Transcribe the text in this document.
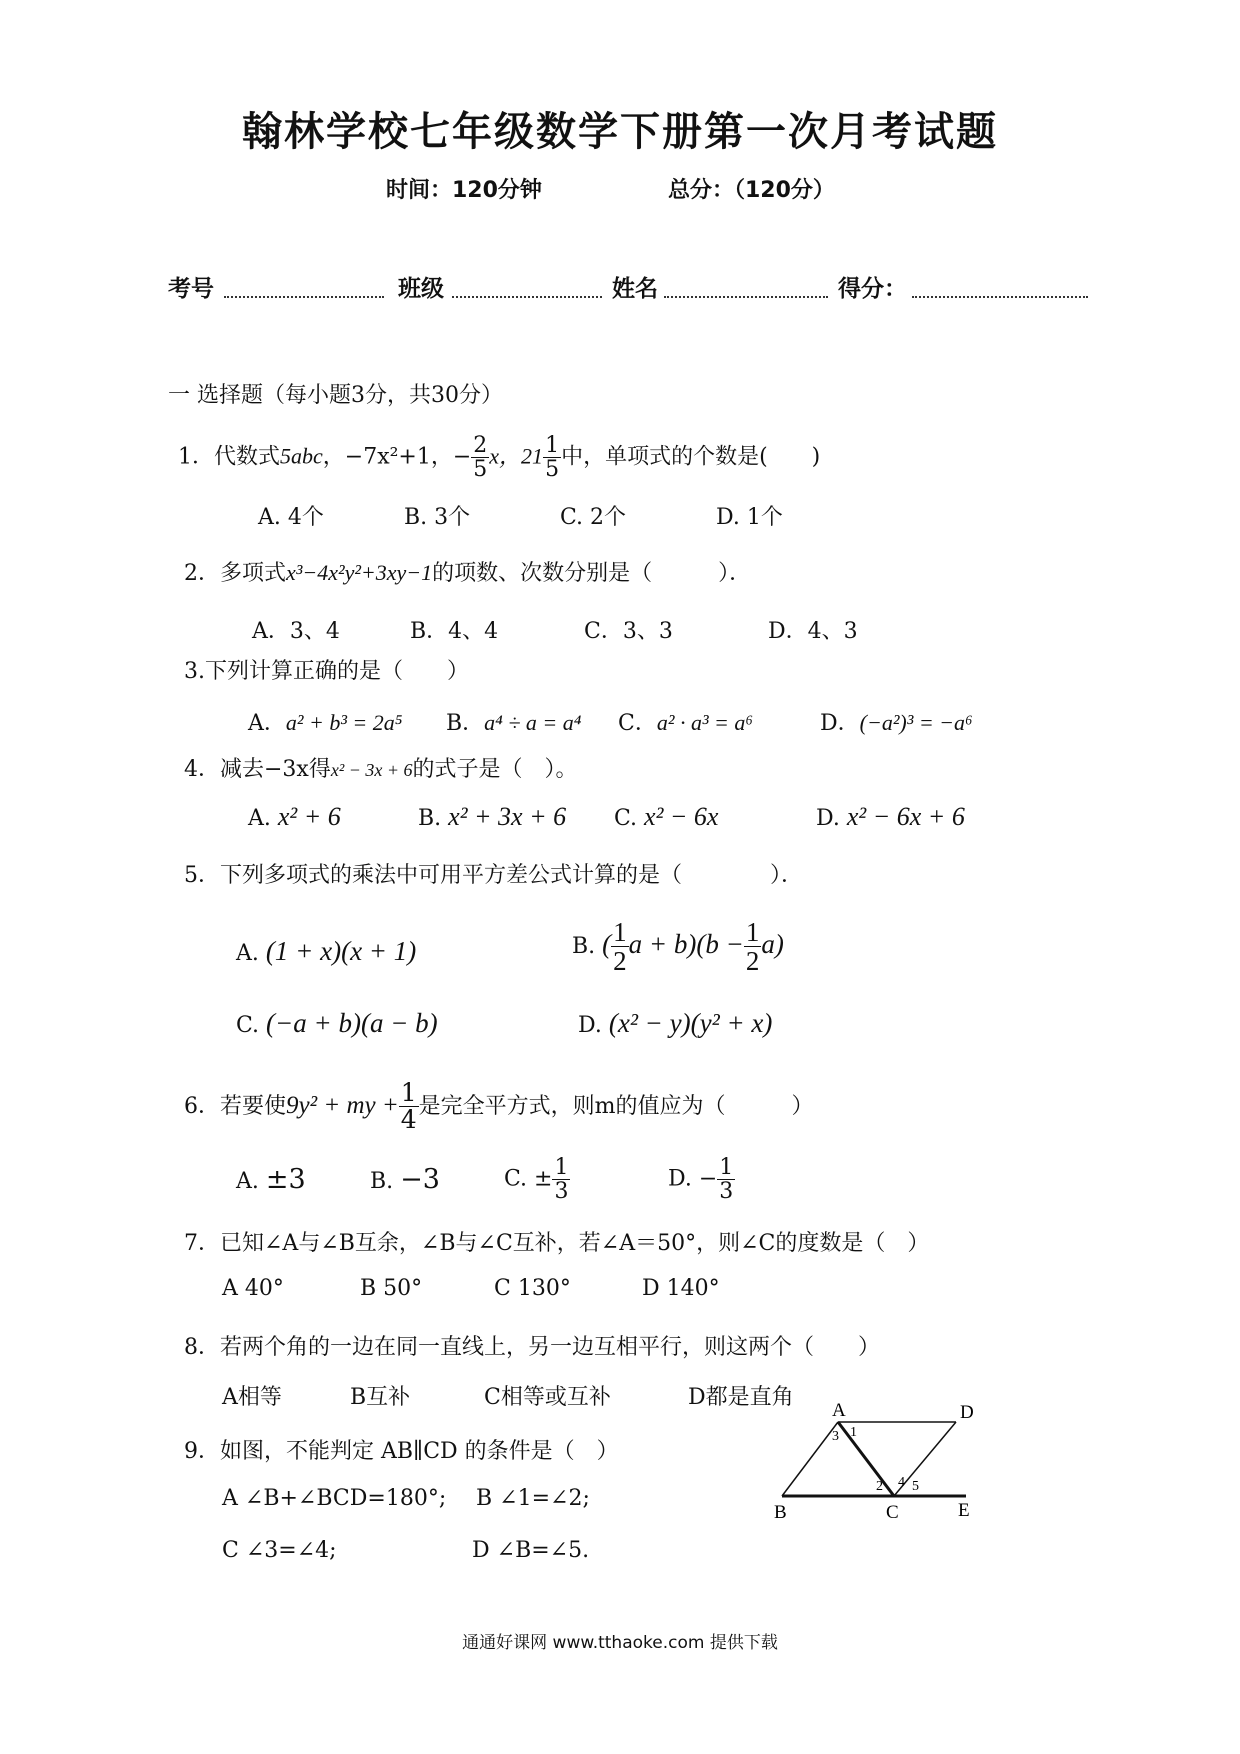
翰林学校七年级数学下册第一次月考试题
时间：120分钟	总分：（120分）
考号	班级	姓名	得分：
一 选择题（每小题3分，共30分）
1．代数式5abc，−7x²+1，− $\frac{2}{5}$ x，$21 \frac{1}{5}$ 中，单项式的个数是(　　)
A. 4个	B. 3个	C. 2个	D. 1个
2．多项式x³−4x²y²+3xy−1的项数、次数分别是（　　　）．
A．3、4	B．4、4	C．3、3	D．4、3
3.下列计算正确的是（　　）
A．a² + b³ = 2a⁵ B．a⁴ ÷ a = a⁴ C．a² · a³ = a⁶	D．(−a²)³ = −a⁶
4．减去−3x得x² − 3x + 6的式子是（　）。
A. x² + 6	B. x² + 3x + 6 C. x² − 6x	D. x² − 6x + 6
5．下列多项式的乘法中可用平方差公式计算的是（　　　　）．
A. (1 + x)(x + 1)	B. ( $\frac{1}{2}$ $a + b)(b - \frac{1}{2} a)$
C. (−a + b)(a − b)	D. (x² − y)(y² + x)
6．若要使9y² + my + $\frac{1}{4}$ 是完全平方式，则m的值应为（　　　）
A. ±3	B. −3	C. ± $\frac{1}{3}$	D. − $\frac{1}{3}$
7．已知∠A与∠B互余，∠B与∠C互补，若∠A＝50°，则∠C的度数是（　）
A 40°	B 50°	C 130°	D 140°
8．若两个角的一边在同一直线上，另一边互相平行，则这两个（　　）
A相等	B互补	C相等或互补	D都是直角
9．如图，不能判定 AB∥CD 的条件是（　）
A ∠B+∠BCD=180°; B ∠1=∠2;
C ∠3=∠4;	D ∠B=∠5.
A	D
B	C	E
1
2
3
4 5
通通好课网 www.tthaoke.com 提供下载
